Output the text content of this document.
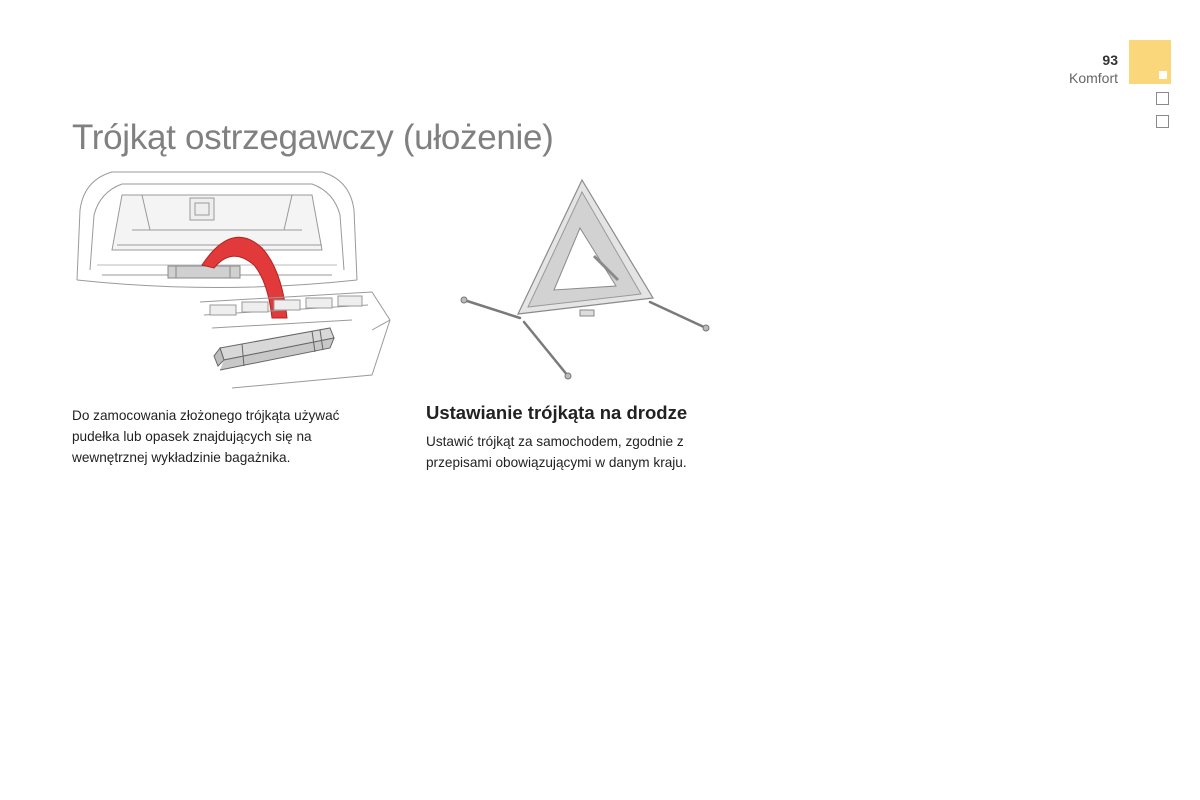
93
Komfort
Trójkąt ostrzegawczy (ułożenie)
Do zamocowania złożonego trójkąta używać
pudełka lub opasek znajdujących się na
wewnętrznej wykładzinie bagażnika.
Ustawianie trójkąta na drodze
Ustawić trójkąt za samochodem, zgodnie z
przepisami obowiązującymi w danym kraju.
